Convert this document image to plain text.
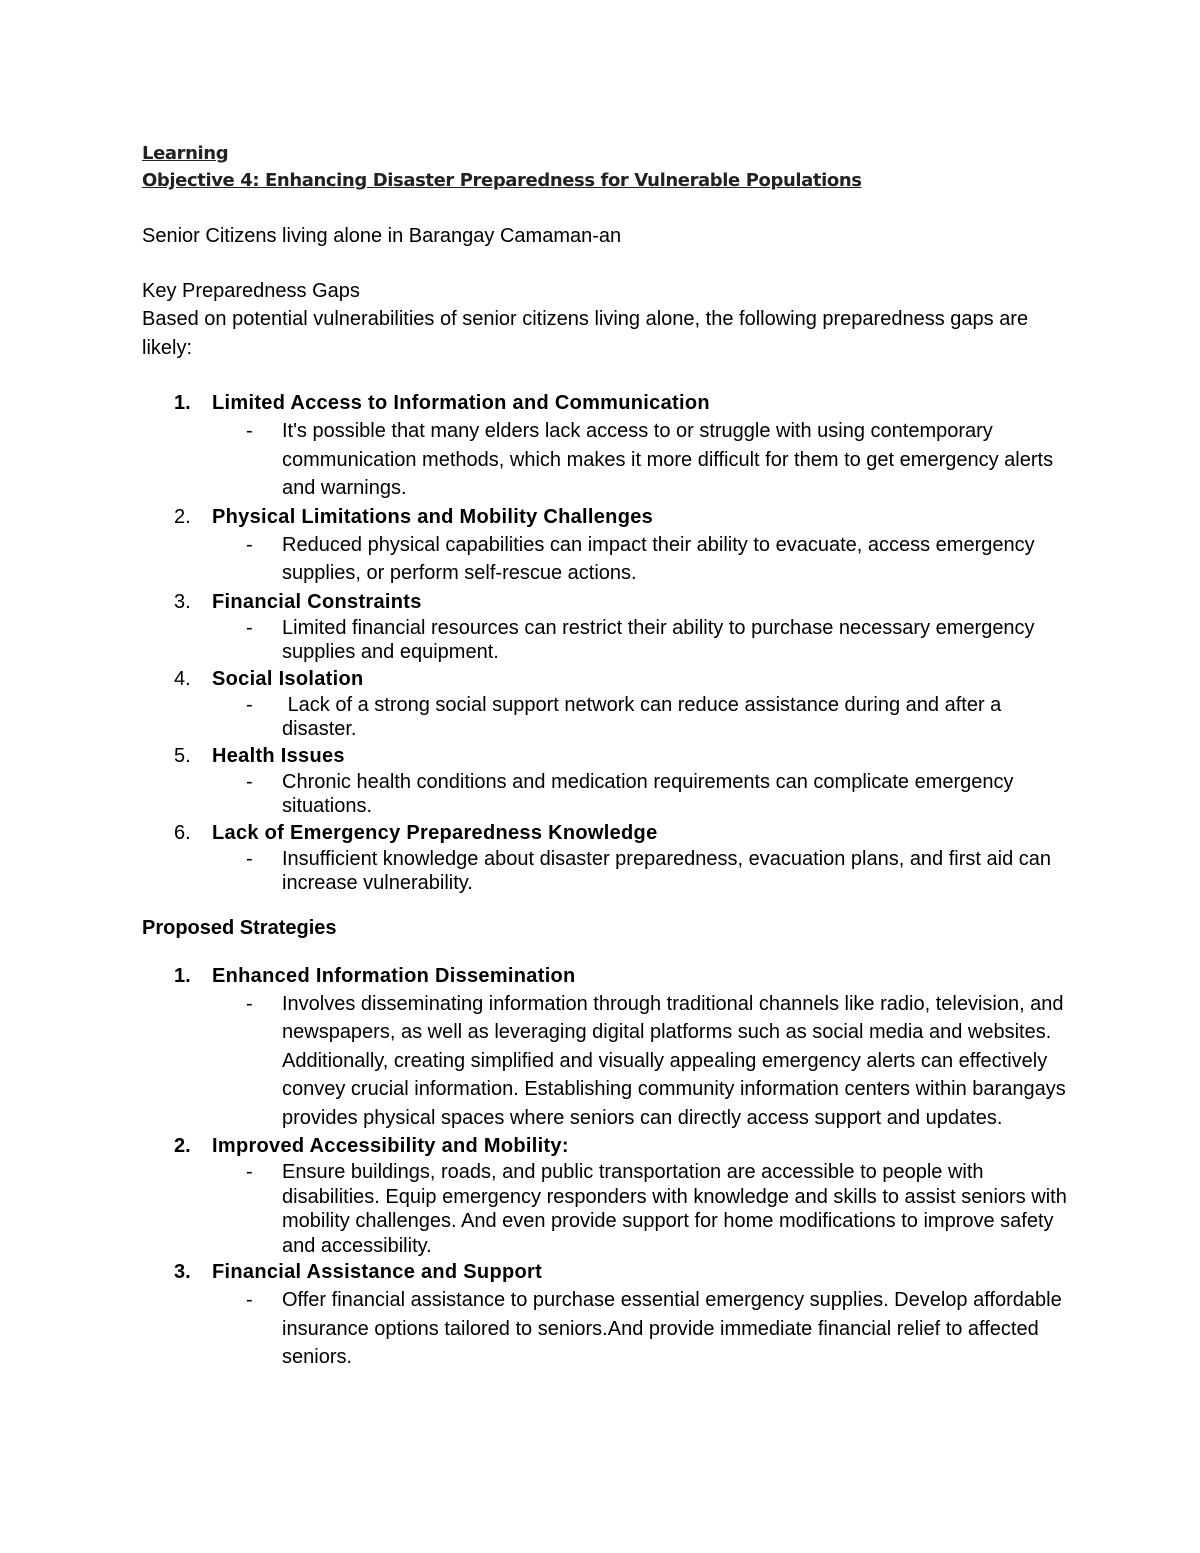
Learning
Objective 4: Enhancing Disaster Preparedness for Vulnerable Populations
Senior Citizens living alone in Barangay Camaman-an
Key Preparedness Gaps
Based on potential vulnerabilities of senior citizens living alone, the following preparedness gaps are likely:
1. Limited Access to Information and Communication
- It's possible that many elders lack access to or struggle with using contemporary communication methods, which makes it more difficult for them to get emergency alerts and warnings.
2. Physical Limitations and Mobility Challenges
- Reduced physical capabilities can impact their ability to evacuate, access emergency supplies, or perform self-rescue actions.
3. Financial Constraints
- Limited financial resources can restrict their ability to purchase necessary emergency supplies and equipment.
4. Social Isolation
- Lack of a strong social support network can reduce assistance during and after a disaster.
5. Health Issues
- Chronic health conditions and medication requirements can complicate emergency situations.
6. Lack of Emergency Preparedness Knowledge
- Insufficient knowledge about disaster preparedness, evacuation plans, and first aid can increase vulnerability.
Proposed Strategies
1. Enhanced Information Dissemination
- Involves disseminating information through traditional channels like radio, television, and newspapers, as well as leveraging digital platforms such as social media and websites. Additionally, creating simplified and visually appealing emergency alerts can effectively convey crucial information. Establishing community information centers within barangays provides physical spaces where seniors can directly access support and updates.
2. Improved Accessibility and Mobility:
- Ensure buildings, roads, and public transportation are accessible to people with disabilities. Equip emergency responders with knowledge and skills to assist seniors with mobility challenges. And even provide support for home modifications to improve safety and accessibility.
3. Financial Assistance and Support
- Offer financial assistance to purchase essential emergency supplies. Develop affordable insurance options tailored to seniors.And provide immediate financial relief to affected seniors.
